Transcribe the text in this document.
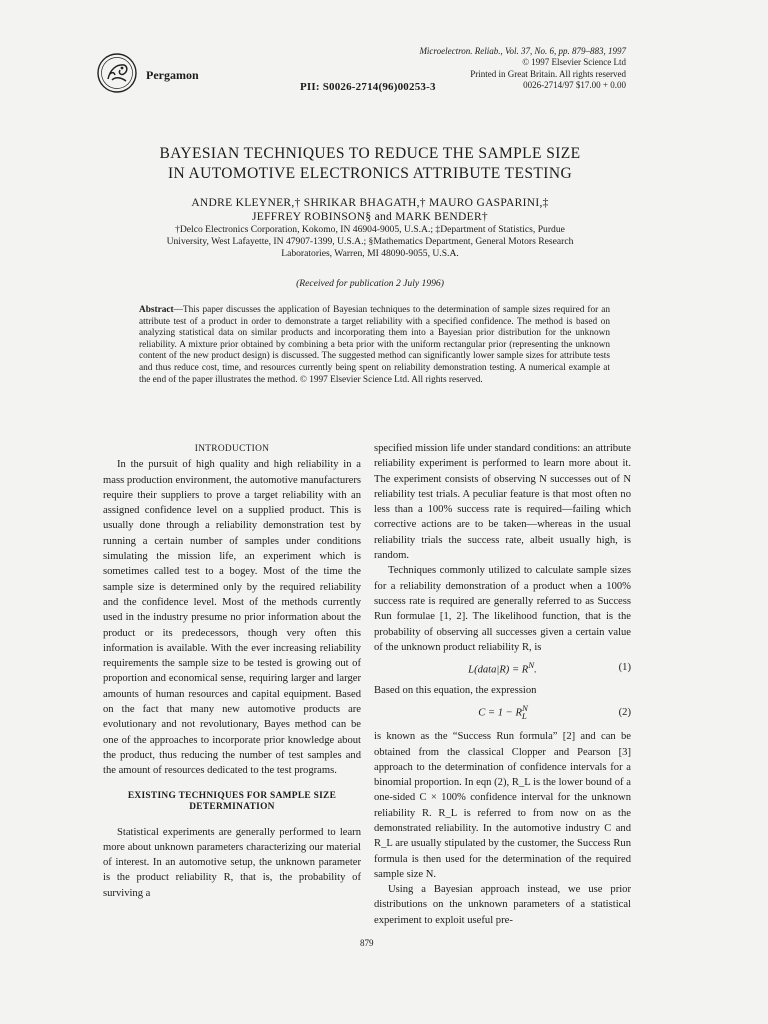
Pergamon
PII: S0026-2714(96)00253-3
Microelectron. Reliab., Vol. 37, No. 6, pp. 879–883, 1997
© 1997 Elsevier Science Ltd
Printed in Great Britain. All rights reserved
0026-2714/97 $17.00 + 0.00
BAYESIAN TECHNIQUES TO REDUCE THE SAMPLE SIZE
IN AUTOMOTIVE ELECTRONICS ATTRIBUTE TESTING
ANDRE KLEYNER,† SHRIKAR BHAGATH,† MAURO GASPARINI,‡
JEFFREY ROBINSON§ and MARK BENDER†
†Delco Electronics Corporation, Kokomo, IN 46904-9005, U.S.A.; ‡Department of Statistics, Purdue
University, West Lafayette, IN 47907-1399, U.S.A.; §Mathematics Department, General Motors Research
Laboratories, Warren, MI 48090-9055, U.S.A.
(Received for publication 2 July 1996)
Abstract—This paper discusses the application of Bayesian techniques to the determination of sample sizes required for an attribute test of a product in order to demonstrate a target reliability with a specified confidence. The method is based on analyzing statistical data on similar products and incorporating them into a Bayesian prior distribution for the unknown reliability. A mixture prior obtained by combining a beta prior with the uniform rectangular prior (representing the unknown content of the new product design) is discussed. The suggested method can significantly lower sample sizes for attribute tests and thus reduce cost, time, and resources currently being spent on reliability demonstration testing. A numerical example at the end of the paper illustrates the method. © 1997 Elsevier Science Ltd. All rights reserved.

INTRODUCTION

In the pursuit of high quality and high reliability in a mass production environment, the automotive manufacturers require their suppliers to prove a target reliability with an assigned confidence level on a supplied product. This is usually done through a reliability demonstration test by running a certain number of samples under conditions simulating the mission life, an experiment which is sometimes called test to a bogey. Most of the time the sample size is determined only by the required reliability and the confidence level. Most of the methods currently used in the industry presume no prior information about the product or its predecessors, though very often this information is available. With the ever increasing reliability requirements the sample size to be tested is growing out of proportion and economical sense, requiring larger and larger amounts of human resources and capital equipment. Based on the fact that many new automotive products are evolutionary and not revolutionary, Bayes method can be one of the approaches to incorporate prior knowledge about the product, thus reducing the number of test samples and the amount of resources dedicated to the test programs.

EXISTING TECHNIQUES FOR SAMPLE SIZE
DETERMINATION

Statistical experiments are generally performed to learn more about unknown parameters characterizing our material of interest. In an automotive setup, the unknown parameter is the product reliability R, that is, the probability of surviving a

specified mission life under standard conditions: an attribute reliability experiment is performed to learn more about it. The experiment consists of observing N successes out of N reliability test trials. A peculiar feature is that most often no less than a 100% success rate is required—failing which corrective actions are to be taken—whereas in the usual reliability trials the success rate, albeit usually high, is random.

Techniques commonly utilized to calculate sample sizes for a reliability demonstration of a product when a 100% success rate is required are generally referred to as Success Run formulae [1, 2]. The likelihood function, that is the probability of observing all successes given a certain value of the unknown product reliability R, is

L(data|R) = $R^N$.	(1)

Based on this equation, the expression

$C = 1 - R^N_L$	(2)

is known as the “Success Run formula” [2] and can be obtained from the classical Clopper and Pearson [3] approach to the determination of confidence intervals for a binomial proportion. In eqn (2), R_L is the lower bound of a one-sided C × 100% confidence interval for the unknown reliability R. R_L is referred to from now on as the demonstrated reliability. In the automotive industry C and R_L are usually stipulated by the customer, the Success Run formula is then used for the determination of the required sample size N.

Using a Bayesian approach instead, we use prior distributions on the unknown parameters of a statistical experiment to exploit useful pre-

879
